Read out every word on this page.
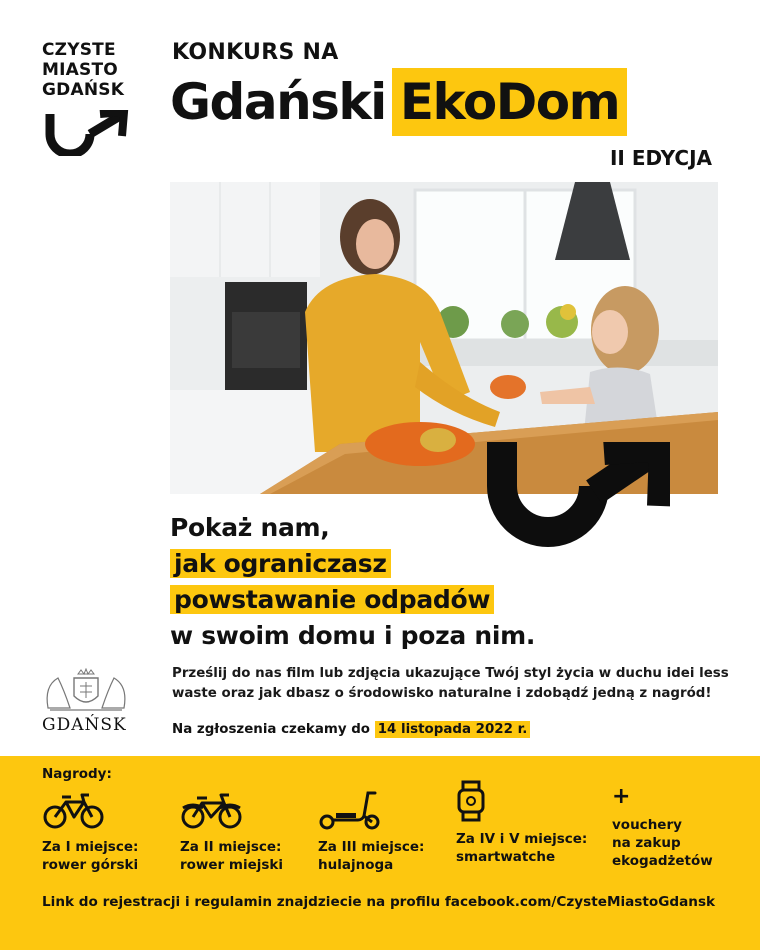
CZYSTE
MIASTO
GDAŃSK
KONKURS NA
Gdański EkoDom
II EDYCJA
Pokaż nam,
jak ograniczasz
powstawanie odpadów
w swoim domu i poza nim.
GDAŃSK
Prześlij do nas film lub zdjęcia ukazujące Twój styl życia w duchu idei less
waste oraz jak dbasz o środowisko naturalne i zdobądź jedną z nagród!
Na zgłoszenia czekamy do 14 listopada 2022 r.
Nagrody:
Za I miejsce:
rower górski
Za II miejsce:
rower miejski
Za III miejsce:
hulajnoga
Za IV i V miejsce:
smartwatche
+
vouchery
na zakup
ekogadżetów
Link do rejestracji i regulamin znajdziecie na profilu facebook.com/CzysteMiastoGdansk
